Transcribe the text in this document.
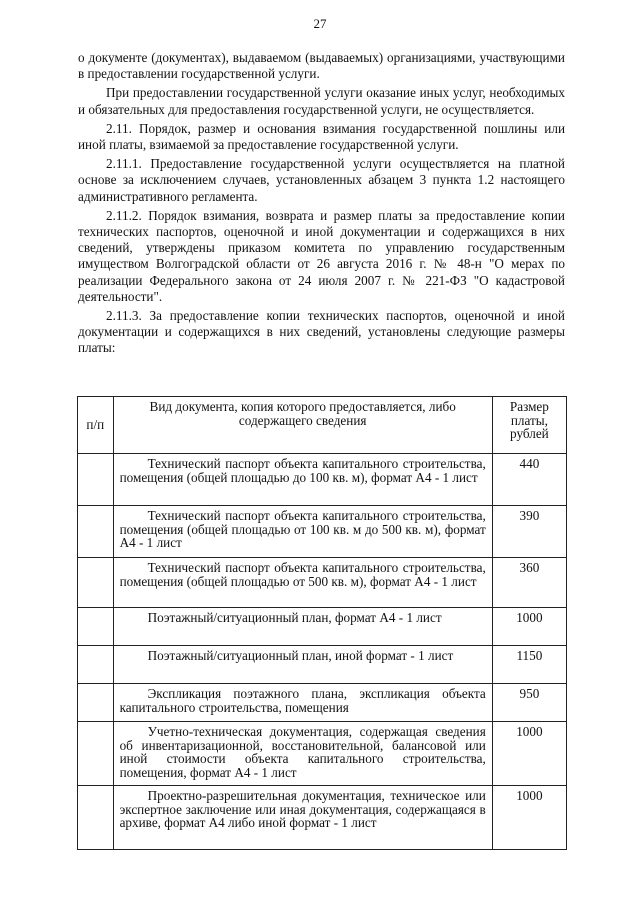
27

о документе (документах), выдаваемом (выдаваемых) организациями, участвующими в предоставлении государственной услуги.

При предоставлении государственной услуги оказание иных услуг, необходимых и обязательных для предоставления государственной услуги, не осуществляется.

2.11. Порядок, размер и основания взимания государственной пошлины или иной платы, взимаемой за предоставление государственной услуги.

2.11.1. Предоставление государственной услуги осуществляется на платной основе за исключением случаев, установленных абзацем 3 пункта 1.2 настоящего административного регламента.

2.11.2. Порядок взимания, возврата и размер платы за предоставление копии технических паспортов, оценочной и иной документации и содержащихся в них сведений, утверждены приказом комитета по управлению государственным имуществом Волгоградской области от 26 августа 2016 г. № 48-н "О мерах по реализации Федерального закона от 24 июля 2007 г. № 221-ФЗ "О кадастровой деятельности".

2.11.3. За предоставление копии технических паспортов, оценочной и иной документации и содержащихся в них сведений, установлены следующие размеры платы:

п/п	Вид документа, копия которого предоставляется, либо содержащего сведения	Размер платы, рублей
	Технический паспорт объекта капитального строительства, помещения (общей площадью до 100 кв. м), формат А4 - 1 лист	440
	Технический паспорт объекта капитального строительства, помещения (общей площадью от 100 кв. м до 500 кв. м), формат А4 - 1 лист	390
	Технический паспорт объекта капитального строительства, помещения (общей площадью от 500 кв. м), формат А4 - 1 лист	360
	Поэтажный/ситуационный план, формат А4 - 1 лист	1000
	Поэтажный/ситуационный план, иной формат - 1 лист	1150
	Экспликация поэтажного плана, экспликация объекта капитального строительства, помещения	950
	Учетно-техническая документация, содержащая сведения об инвентаризационной, восстановительной, балансовой или иной стоимости объекта капитального строительства, помещения, формат А4 - 1 лист	1000
	Проектно-разрешительная документация, техническое или экспертное заключение или иная документация, содержащаяся в архиве, формат А4 либо иной формат - 1 лист	1000
